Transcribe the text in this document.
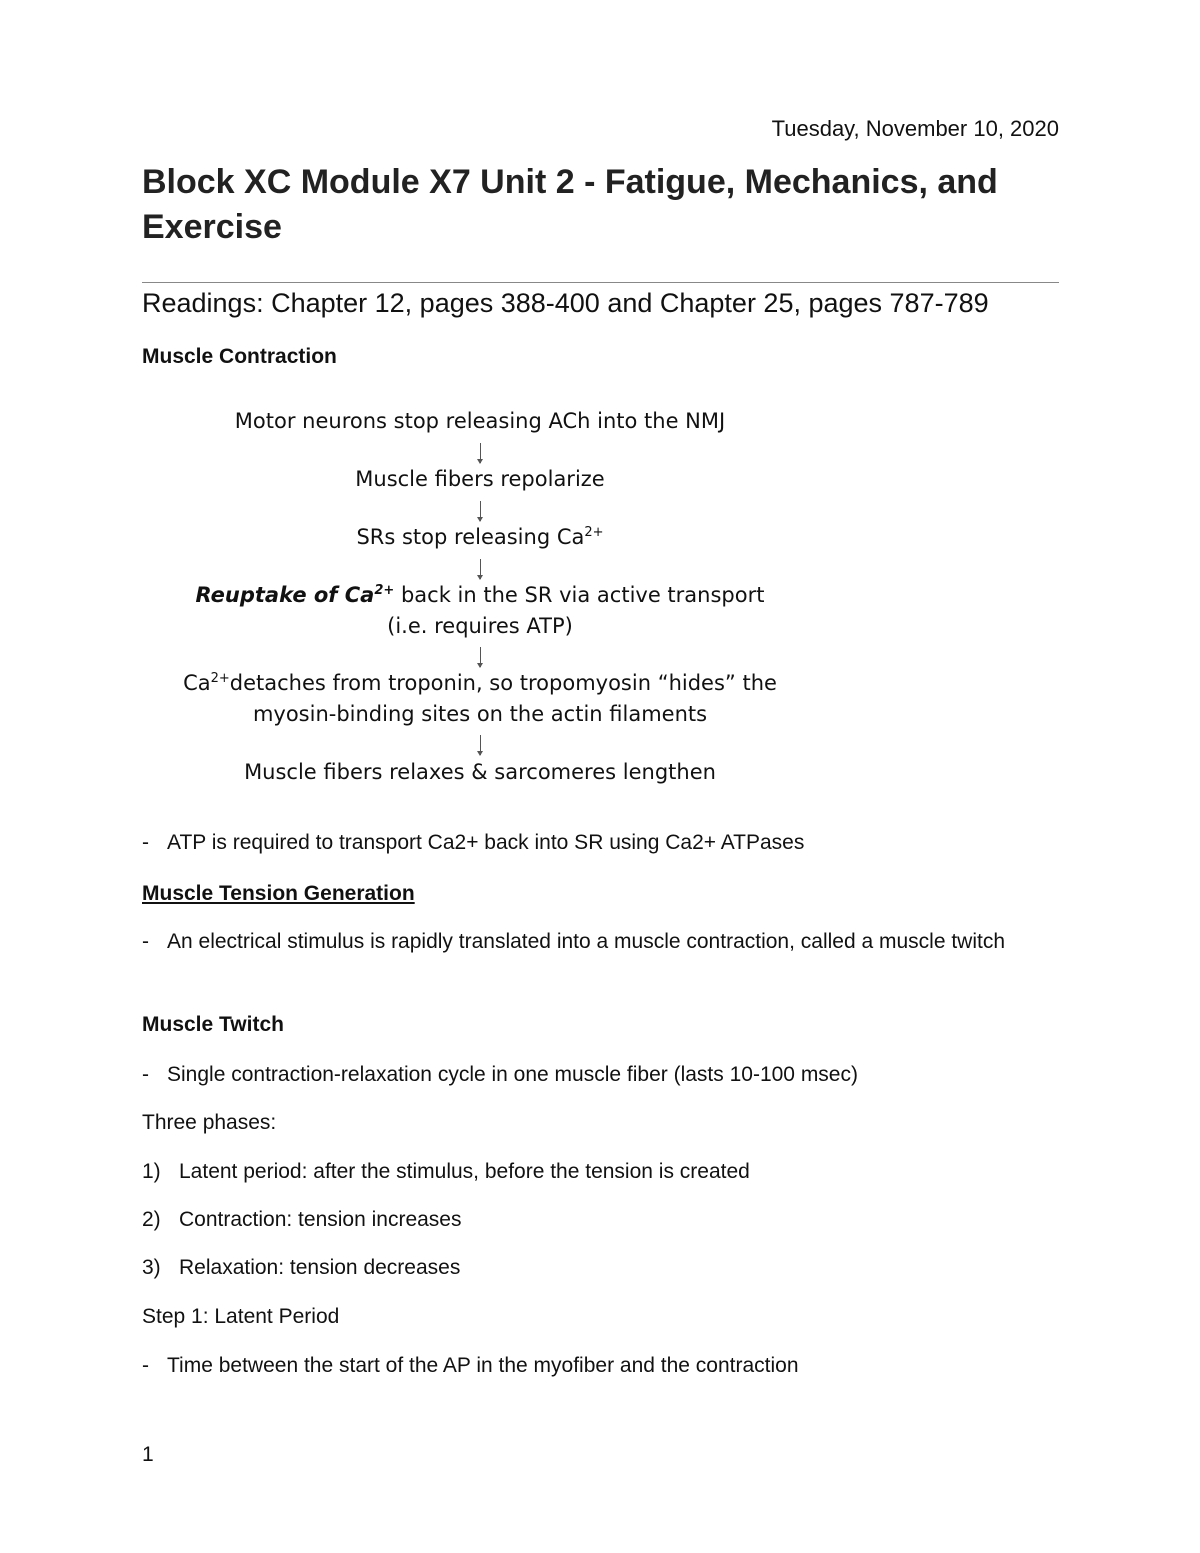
Tuesday, November 10, 2020
Block XC Module X7 Unit 2 - Fatigue, Mechanics, and Exercise
Readings: Chapter 12, pages 388-400 and Chapter 25, pages 787-789
Muscle Contraction
Motor neurons stop releasing ACh into the NMJ
Muscle fibers repolarize
SRs stop releasing $Ca^{2+}$
Reuptake of $Ca^{2+}$ back in the SR via active transport
(i.e. requires ATP)
$Ca^{2+}detaches$ from troponin, so tropomyosin “hides” the
myosin-binding sites on the actin filaments
Muscle fibers relaxes & sarcomeres lengthen
- ATP is required to transport Ca2+ back into SR using Ca2+ ATPases
Muscle Tension Generation
- An electrical stimulus is rapidly translated into a muscle contraction, called a muscle twitch
Muscle Twitch
- Single contraction-relaxation cycle in one muscle fiber (lasts 10-100 msec)
Three phases:
1) Latent period: after the stimulus, before the tension is created
2) Contraction: tension increases
3) Relaxation: tension decreases
Step 1: Latent Period
- Time between the start of the AP in the myofiber and the contraction
1
